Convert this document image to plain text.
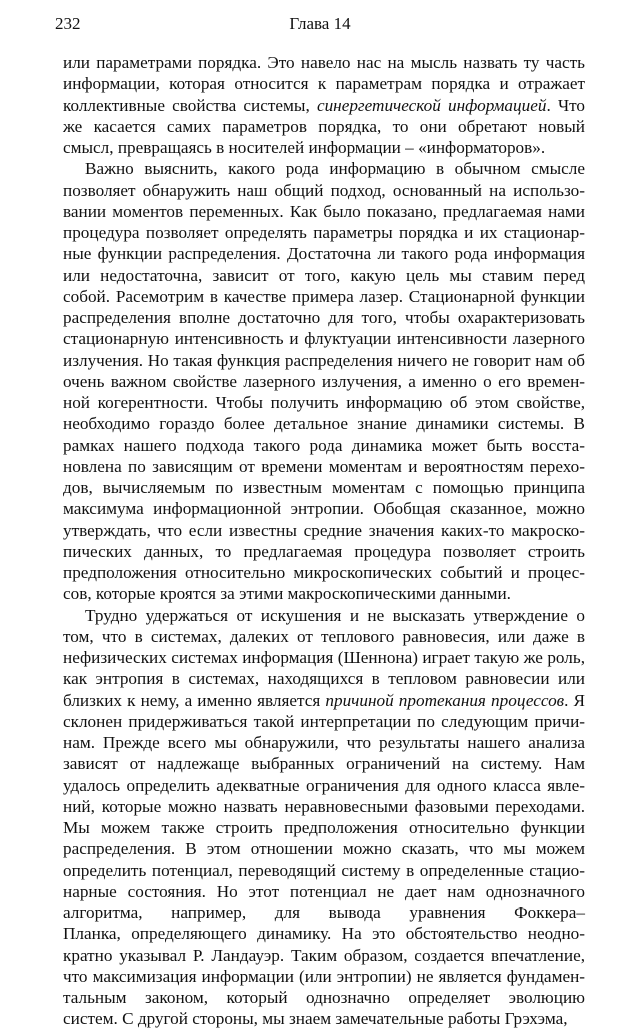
232	Глава 14
или параметрами порядка. Это навело нас на мысль назвать ту часть
информации, которая относится к параметрам порядка и отражает
коллективные свойства системы, синергетической информацией. Что
же касается самих параметров порядка, то они обретают новый
смысл, превращаясь в носителей информации – «информаторов».
Важно выяснить, какого рода информацию в обычном смысле
позволяет обнаружить наш общий подход, основанный на использо-
вании моментов переменных. Как было показано, предлагаемая нами
процедура позволяет определять параметры порядка и их стационар-
ные функции распределения. Достаточна ли такого рода информация
или недостаточна, зависит от того, какую цель мы ставим перед
собой. Расемотрим в качестве примера лазер. Стационарной функции
распределения вполне достаточно для того, чтобы охарактеризовать
стационарную интенсивность и флуктуации интенсивности лазерного
излучения. Но такая функция распределения ничего не говорит нам об
очень важном свойстве лазерного излучения, а именно о его времен-
ной когерентности. Чтобы получить информацию об этом свойстве,
необходимо гораздо более детальное знание динамики системы. В
рамках нашего подхода такого рода динамика может быть восста-
новлена по зависящим от времени моментам и вероятностям перехо-
дов, вычисляемым по известным моментам с помощью принципа
максимума информационной энтропии. Обобщая сказанное, можно
утверждать, что если известны средние значения каких-то макроско-
пических данных, то предлагаемая процедура позволяет строить
предположения относительно микроскопических событий и процес-
сов, которые кроятся за этими макроскопическими данными.
Трудно удержаться от искушения и не высказать утверждение о
том, что в системах, далеких от теплового равновесия, или даже в
нефизических системах информация (Шеннона) играет такую же роль,
как энтропия в системах, находящихся в тепловом равновесии или
близких к нему, а именно является причиной протекания процессов. Я
склонен придерживаться такой интерпретации по следующим причи-
нам. Прежде всего мы обнаружили, что результаты нашего анализа
зависят от надлежаще выбранных ограничений на систему. Нам
удалось определить адекватные ограничения для одного класса явле-
ний, которые можно назвать неравновесными фазовыми переходами.
Мы можем также строить предположения относительно функции
распределения. В этом отношении можно сказать, что мы можем
определить потенциал, переводящий систему в определенные стацио-
нарные состояния. Но этот потенциал не дает нам однозначного
алгоритма, например, для вывода уравнения Фоккера–
Планка, определяющего динамику. На это обстоятельство неодно-
кратно указывал Р. Ландауэр. Таким образом, создается впечатление,
что максимизация информации (или энтропии) не является фундамен-
тальным законом, который однозначно определяет эволюцию
систем. С другой стороны, мы знаем замечательные работы Грэхэма,
